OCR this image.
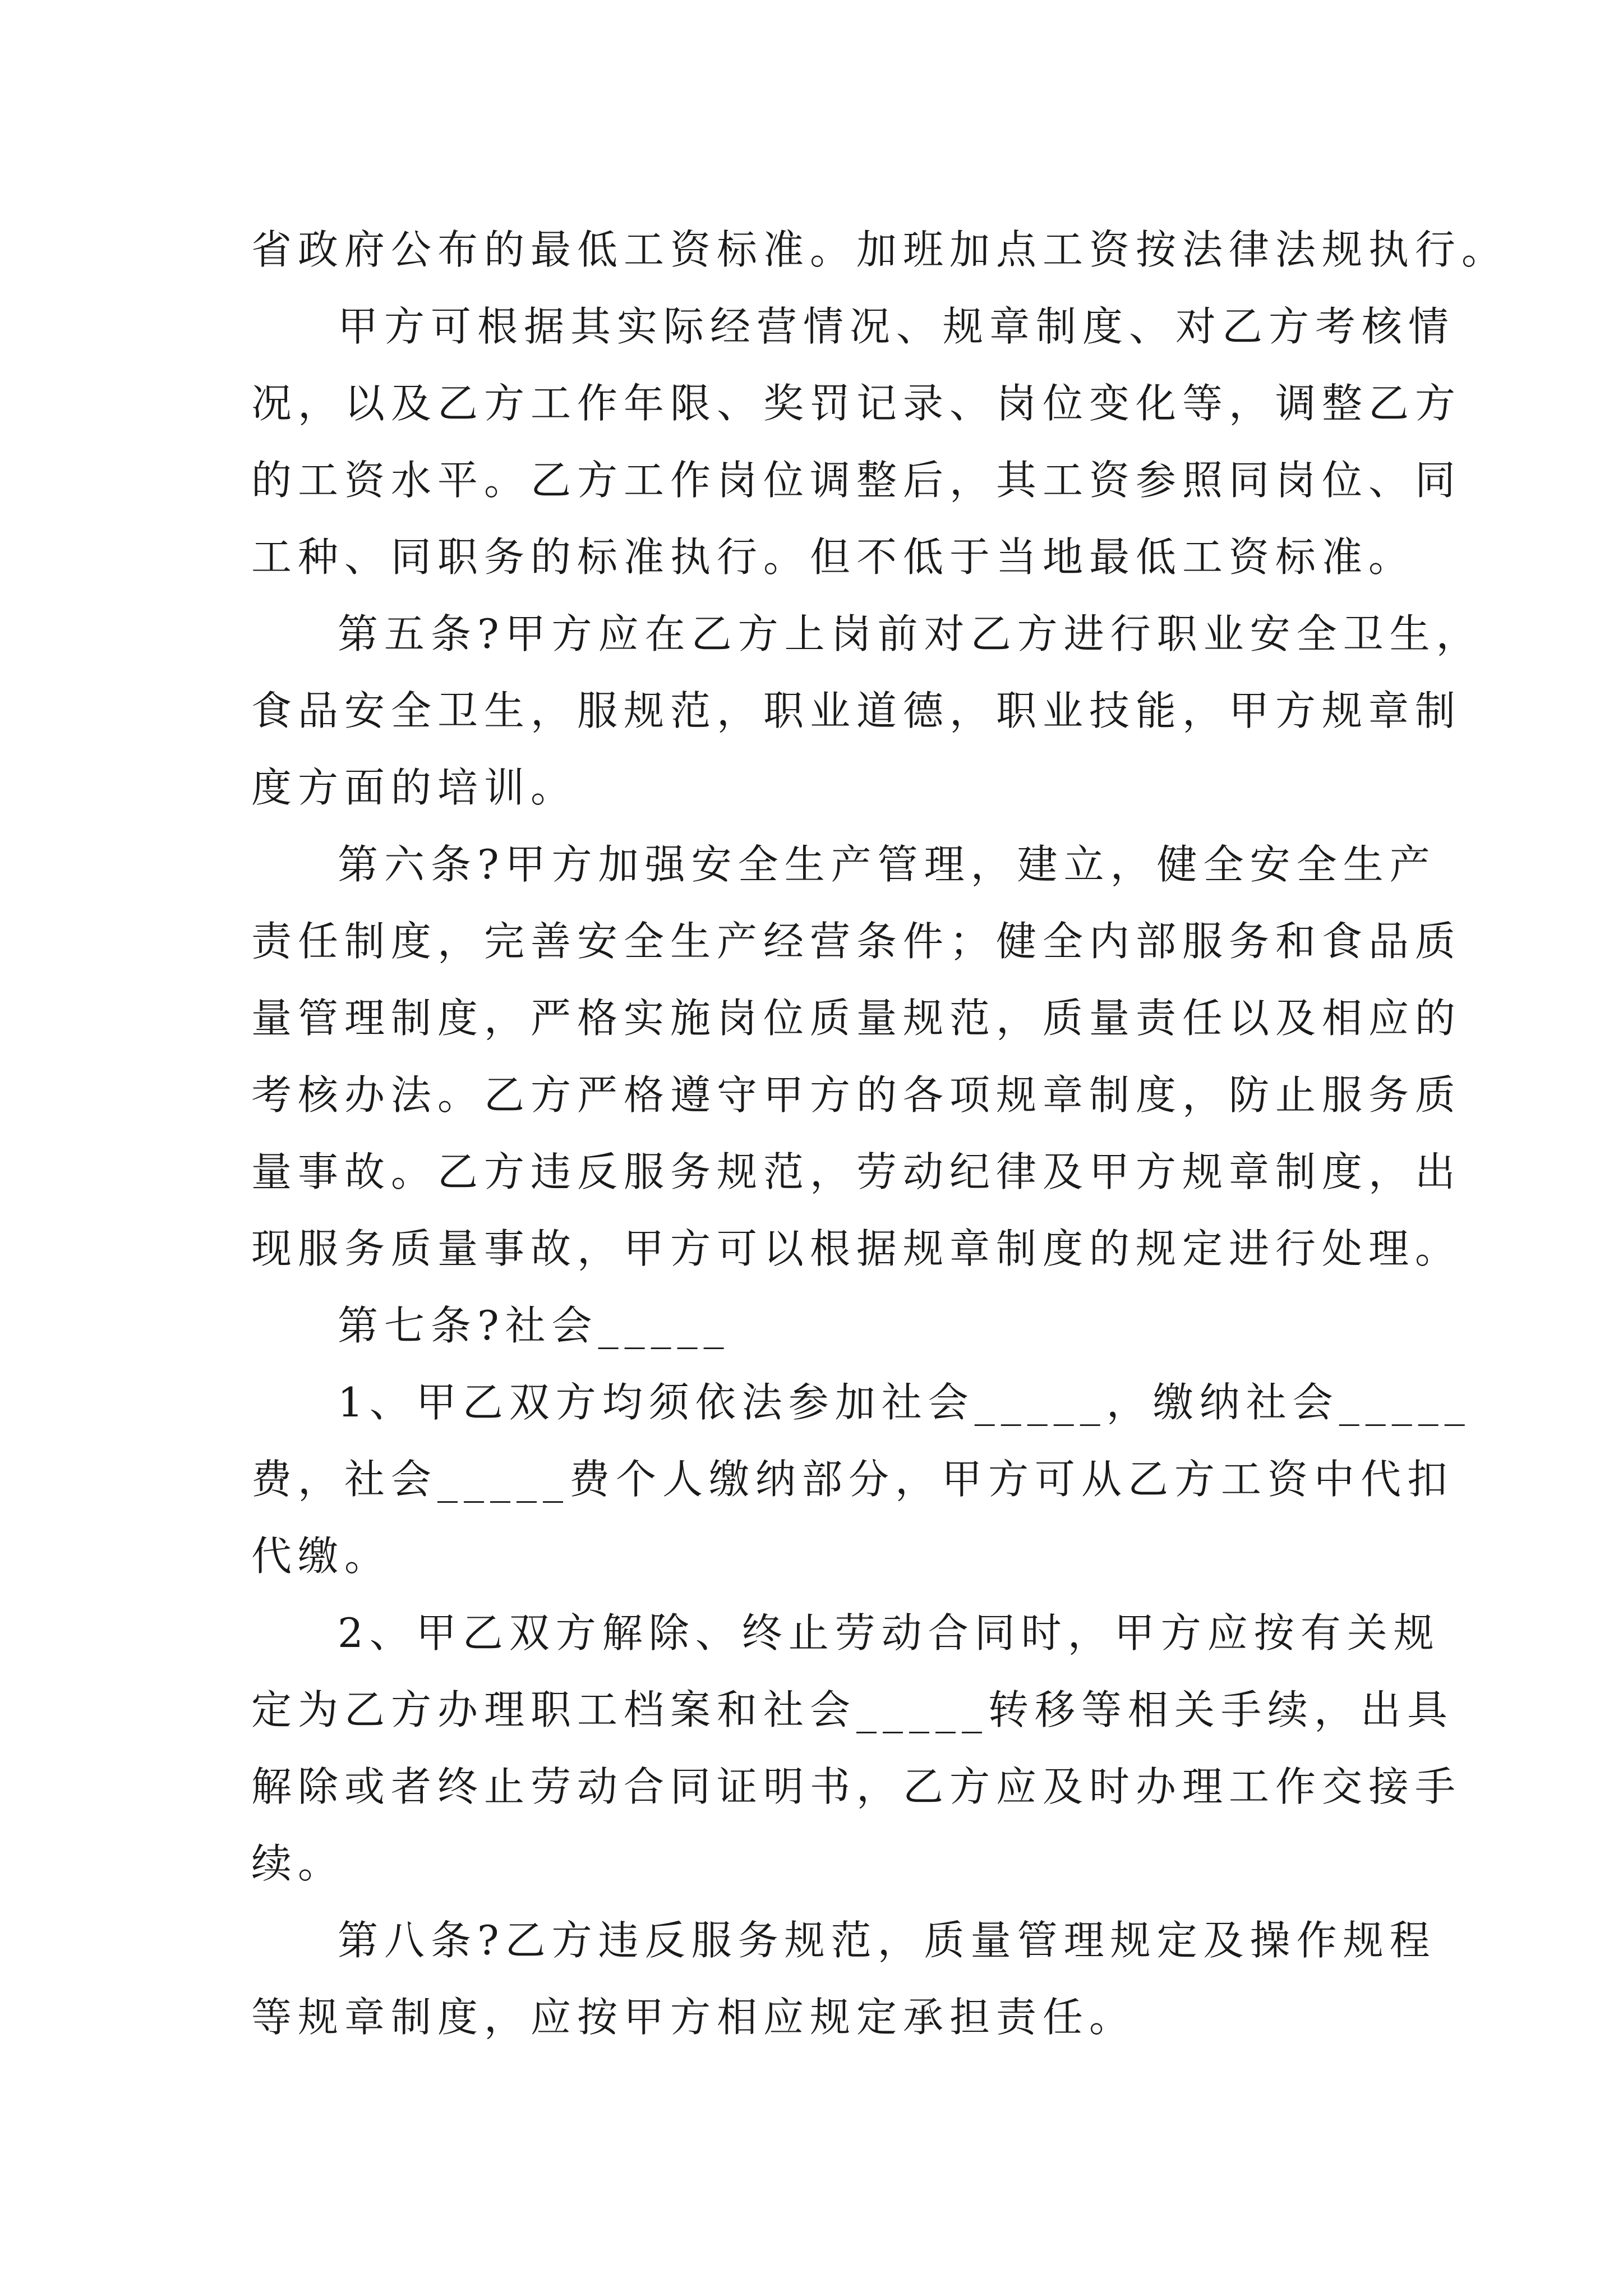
省政府公布的最低工资标准。加班加点工资按法律法规执行。
甲方可根据其实际经营情况、规章制度、对乙方考核情
况，以及乙方工作年限、奖罚记录、岗位变化等，调整乙方
的工资水平。乙方工作岗位调整后，其工资参照同岗位、同
工种、同职务的标准执行。但不低于当地最低工资标准。
第五条?甲方应在乙方上岗前对乙方进行职业安全卫生，
食品安全卫生，服规范，职业道德，职业技能，甲方规章制
度方面的培训。
第六条?甲方加强安全生产管理，建立，健全安全生产
责任制度，完善安全生产经营条件；健全内部服务和食品质
量管理制度，严格实施岗位质量规范，质量责任以及相应的
考核办法。乙方严格遵守甲方的各项规章制度，防止服务质
量事故。乙方违反服务规范，劳动纪律及甲方规章制度，出
现服务质量事故，甲方可以根据规章制度的规定进行处理。
第七条?社会_____
1、甲乙双方均须依法参加社会_____，缴纳社会_____
费，社会_____费个人缴纳部分，甲方可从乙方工资中代扣
代缴。
2、甲乙双方解除、终止劳动合同时，甲方应按有关规
定为乙方办理职工档案和社会_____转移等相关手续，出具
解除或者终止劳动合同证明书，乙方应及时办理工作交接手
续。
第八条?乙方违反服务规范，质量管理规定及操作规程
等规章制度，应按甲方相应规定承担责任。
